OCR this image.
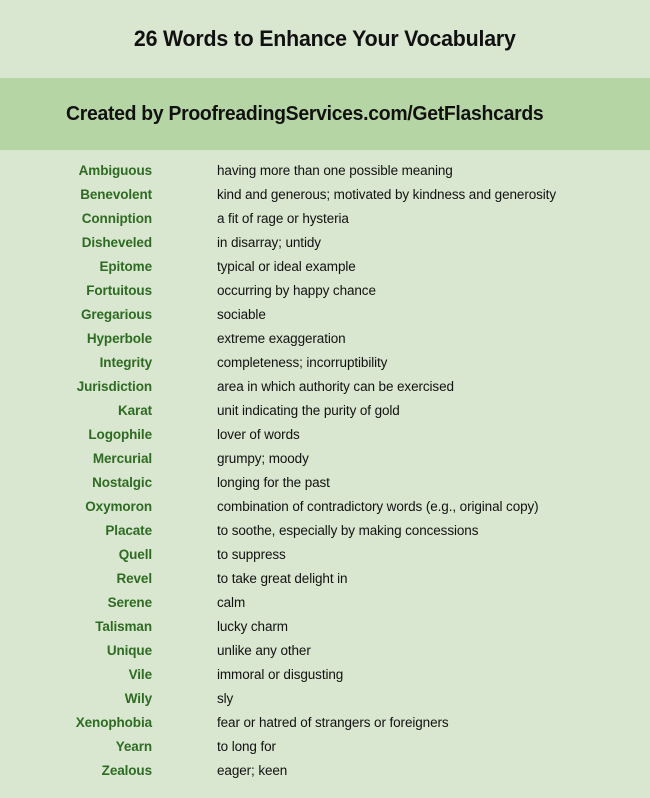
26 Words to Enhance Your Vocabulary
Created by ProofreadingServices.com/GetFlashcards
Ambiguous	having more than one possible meaning
Benevolent	kind and generous; motivated by kindness and generosity
Conniption	a fit of rage or hysteria
Disheveled	in disarray; untidy
Epitome	typical or ideal example
Fortuitous	occurring by happy chance
Gregarious	sociable
Hyperbole	extreme exaggeration
Integrity	completeness; incorruptibility
Jurisdiction	area in which authority can be exercised
Karat	unit indicating the purity of gold
Logophile	lover of words
Mercurial	grumpy; moody
Nostalgic	longing for the past
Oxymoron	combination of contradictory words (e.g., original copy)
Placate	to soothe, especially by making concessions
Quell	to suppress
Revel	to take great delight in
Serene	calm
Talisman	lucky charm
Unique	unlike any other
Vile	immoral or disgusting
Wily	sly
Xenophobia	fear or hatred of strangers or foreigners
Yearn	to long for
Zealous	eager; keen
